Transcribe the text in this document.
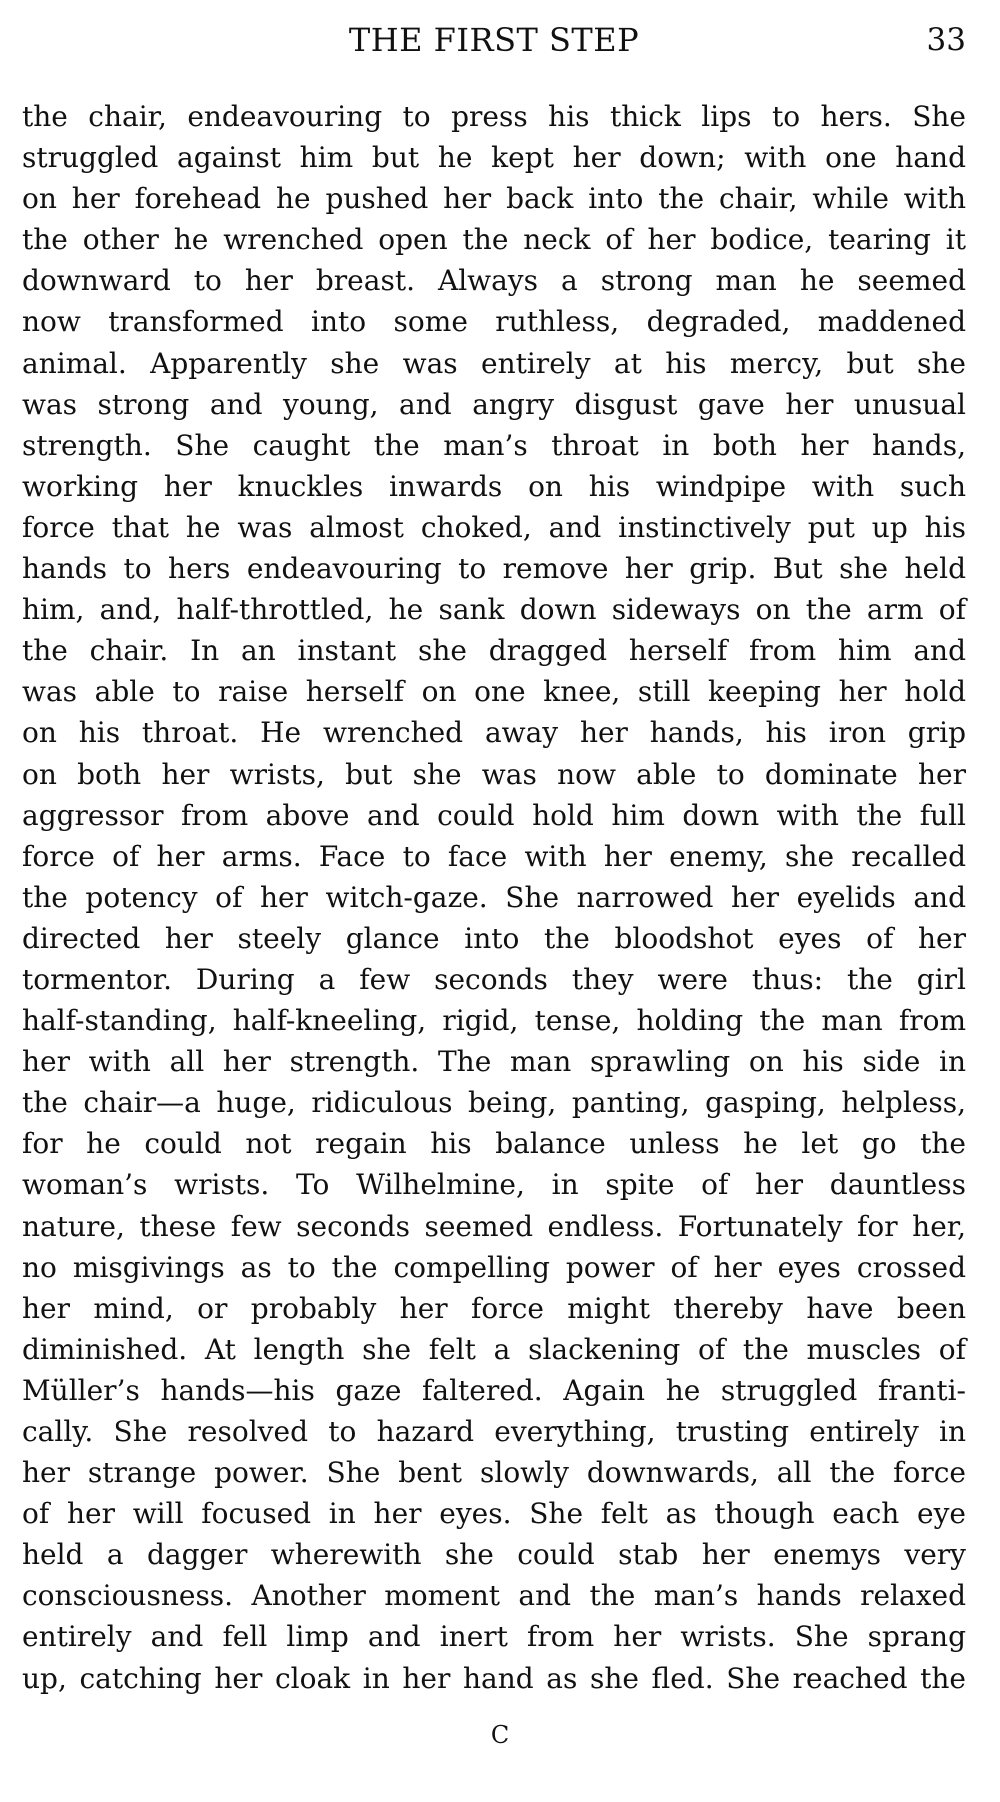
THE FIRST STEP	33
the chair, endeavouring to press his thick lips to hers. She
struggled against him but he kept her down; with one hand
on her forehead he pushed her back into the chair, while with
the other he wrenched open the neck of her bodice, tearing it
downward to her breast. Always a strong man he seemed
now transformed into some ruthless, degraded, maddened
animal. Apparently she was entirely at his mercy, but she
was strong and young, and angry disgust gave her unusual
strength. She caught the man’s throat in both her hands,
working her knuckles inwards on his windpipe with such
force that he was almost choked, and instinctively put up his
hands to hers endeavouring to remove her grip. But she held
him, and, half-throttled, he sank down sideways on the arm of
the chair. In an instant she dragged herself from him and
was able to raise herself on one knee, still keeping her hold
on his throat. He wrenched away her hands, his iron grip
on both her wrists, but she was now able to dominate her
aggressor from above and could hold him down with the full
force of her arms. Face to face with her enemy, she recalled
the potency of her witch-gaze. She narrowed her eyelids and
directed her steely glance into the bloodshot eyes of her
tormentor. During a few seconds they were thus: the girl
half-standing, half-kneeling, rigid, tense, holding the man from
her with all her strength. The man sprawling on his side in
the chair—a huge, ridiculous being, panting, gasping, helpless,
for he could not regain his balance unless he let go the
woman’s wrists. To Wilhelmine, in spite of her dauntless
nature, these few seconds seemed endless. Fortunately for her,
no misgivings as to the compelling power of her eyes crossed
her mind, or probably her force might thereby have been
diminished. At length she felt a slackening of the muscles of
Müller’s hands—his gaze faltered. Again he struggled franti-
cally. She resolved to hazard everything, trusting entirely in
her strange power. She bent slowly downwards, all the force
of her will focused in her eyes. She felt as though each eye
held a dagger wherewith she could stab her enemys very
consciousness. Another moment and the man’s hands relaxed
entirely and fell limp and inert from her wrists. She sprang
up, catching her cloak in her hand as she fled. She reached the
C
